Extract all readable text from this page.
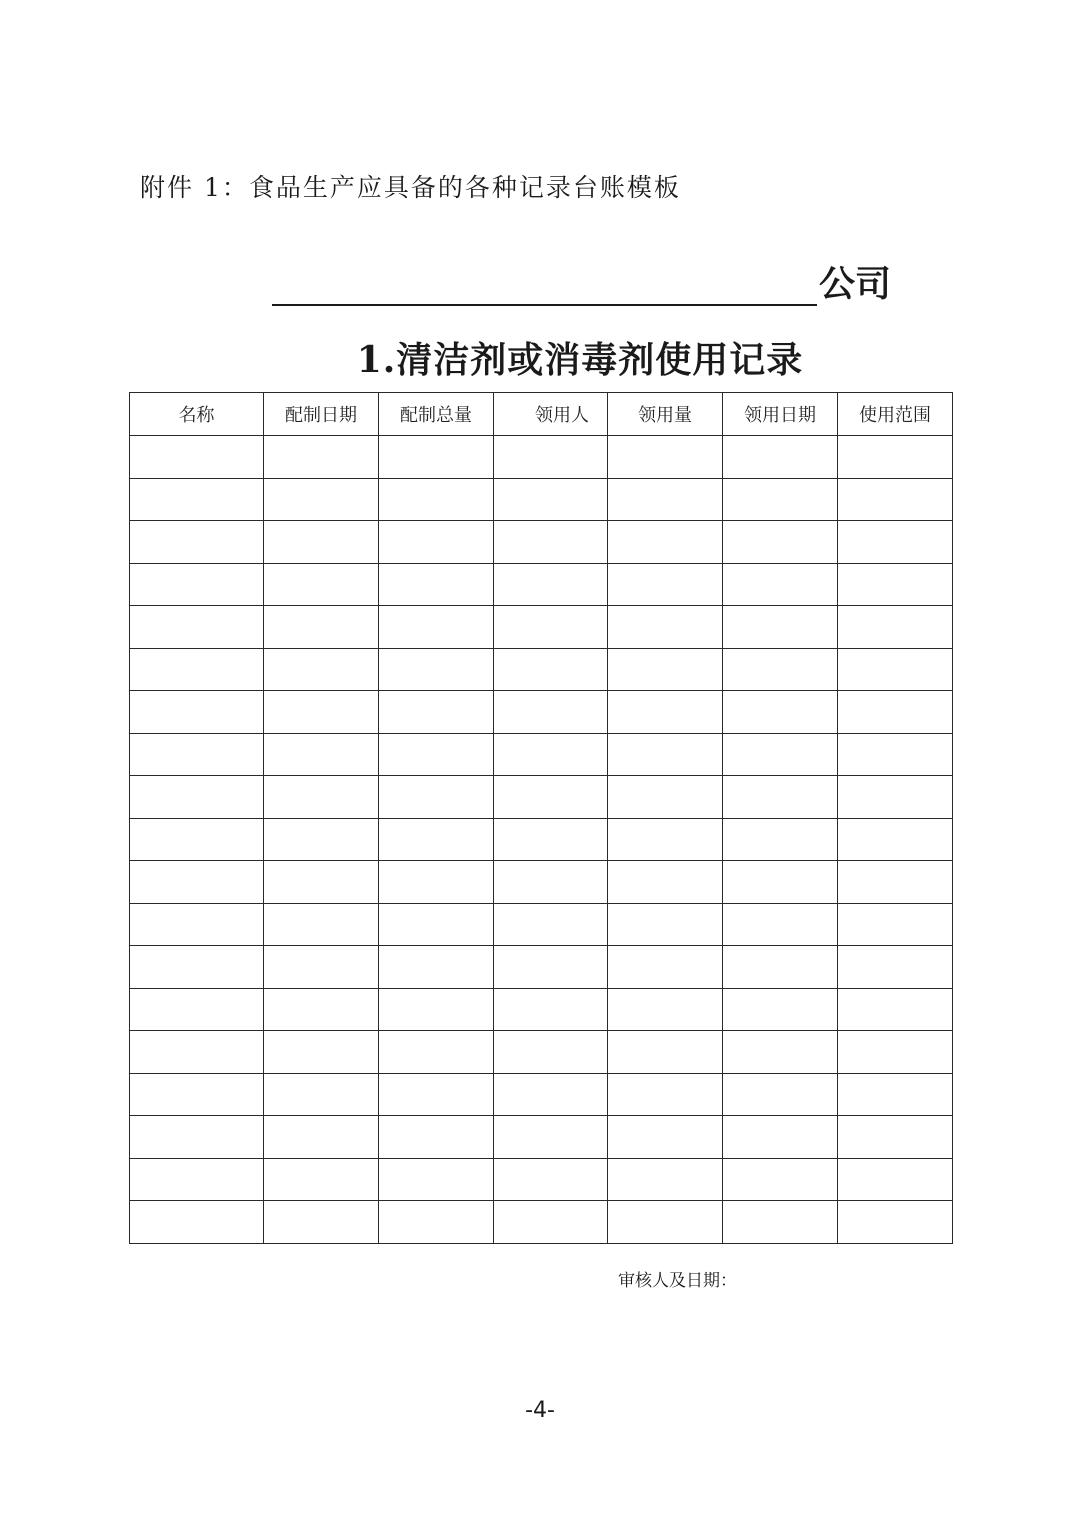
附件 1：食品生产应具备的各种记录台账模板
公司
1.清洁剂或消毒剂使用记录
名称	配制日期	配制总量	领用人	领用量	领用日期	使用范围

审核人及日期：
-4-
